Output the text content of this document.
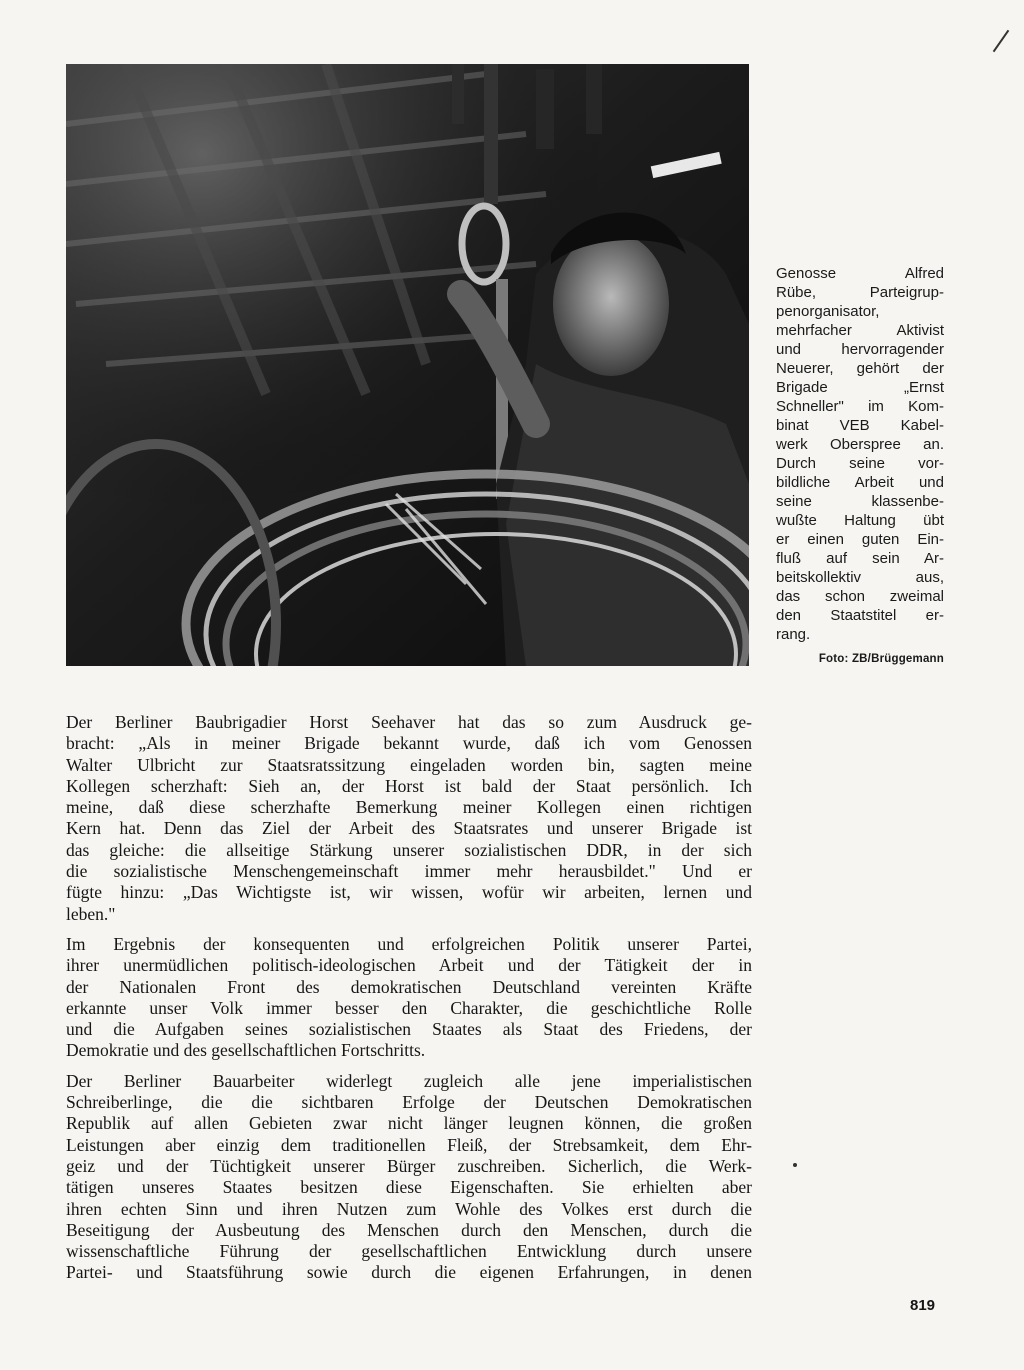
Genosse Alfred
Rübe, Parteigrup-
penorganisator,
mehrfacher Aktivist
und hervorragender
Neuerer, gehört der
Brigade „Ernst
Schneller" im Kom-
binat VEB Kabel-
werk Oberspree an.
Durch seine vor-
bildliche Arbeit und
seine klassenbe-
wußte Haltung übt
er einen guten Ein-
fluß auf sein Ar-
beitskollektiv aus,
das schon zweimal
den Staatstitel er-
rang.
Foto: ZB/Brüggemann
Der Berliner Baubrigadier Horst Seehaver hat das so zum Ausdruck ge-
bracht: „Als in meiner Brigade bekannt wurde, daß ich vom Genossen
Walter Ulbricht zur Staatsratssitzung eingeladen worden bin, sagten meine
Kollegen scherzhaft: Sieh an, der Horst ist bald der Staat persönlich. Ich
meine, daß diese scherzhafte Bemerkung meiner Kollegen einen richtigen
Kern hat. Denn das Ziel der Arbeit des Staatsrates und unserer Brigade ist
das gleiche: die allseitige Stärkung unserer sozialistischen DDR, in der sich
die sozialistische Menschengemeinschaft immer mehr herausbildet." Und er
fügte hinzu: „Das Wichtigste ist, wir wissen, wofür wir arbeiten, lernen und
leben."
Im Ergebnis der konsequenten und erfolgreichen Politik unserer Partei,
ihrer unermüdlichen politisch-ideologischen Arbeit und der Tätigkeit der in
der Nationalen Front des demokratischen Deutschland vereinten Kräfte
erkannte unser Volk immer besser den Charakter, die geschichtliche Rolle
und die Aufgaben seines sozialistischen Staates als Staat des Friedens, der
Demokratie und des gesellschaftlichen Fortschritts.
Der Berliner Bauarbeiter widerlegt zugleich alle jene imperialistischen
Schreiberlinge, die die sichtbaren Erfolge der Deutschen Demokratischen
Republik auf allen Gebieten zwar nicht länger leugnen können, die großen
Leistungen aber einzig dem traditionellen Fleiß, der Strebsamkeit, dem Ehr-
geiz und der Tüchtigkeit unserer Bürger zuschreiben. Sicherlich, die Werk-
tätigen unseres Staates besitzen diese Eigenschaften. Sie erhielten aber
ihren echten Sinn und ihren Nutzen zum Wohle des Volkes erst durch die
Beseitigung der Ausbeutung des Menschen durch den Menschen, durch die
wissenschaftliche Führung der gesellschaftlichen Entwicklung durch unsere
Partei- und Staatsführung sowie durch die eigenen Erfahrungen, in denen
819
